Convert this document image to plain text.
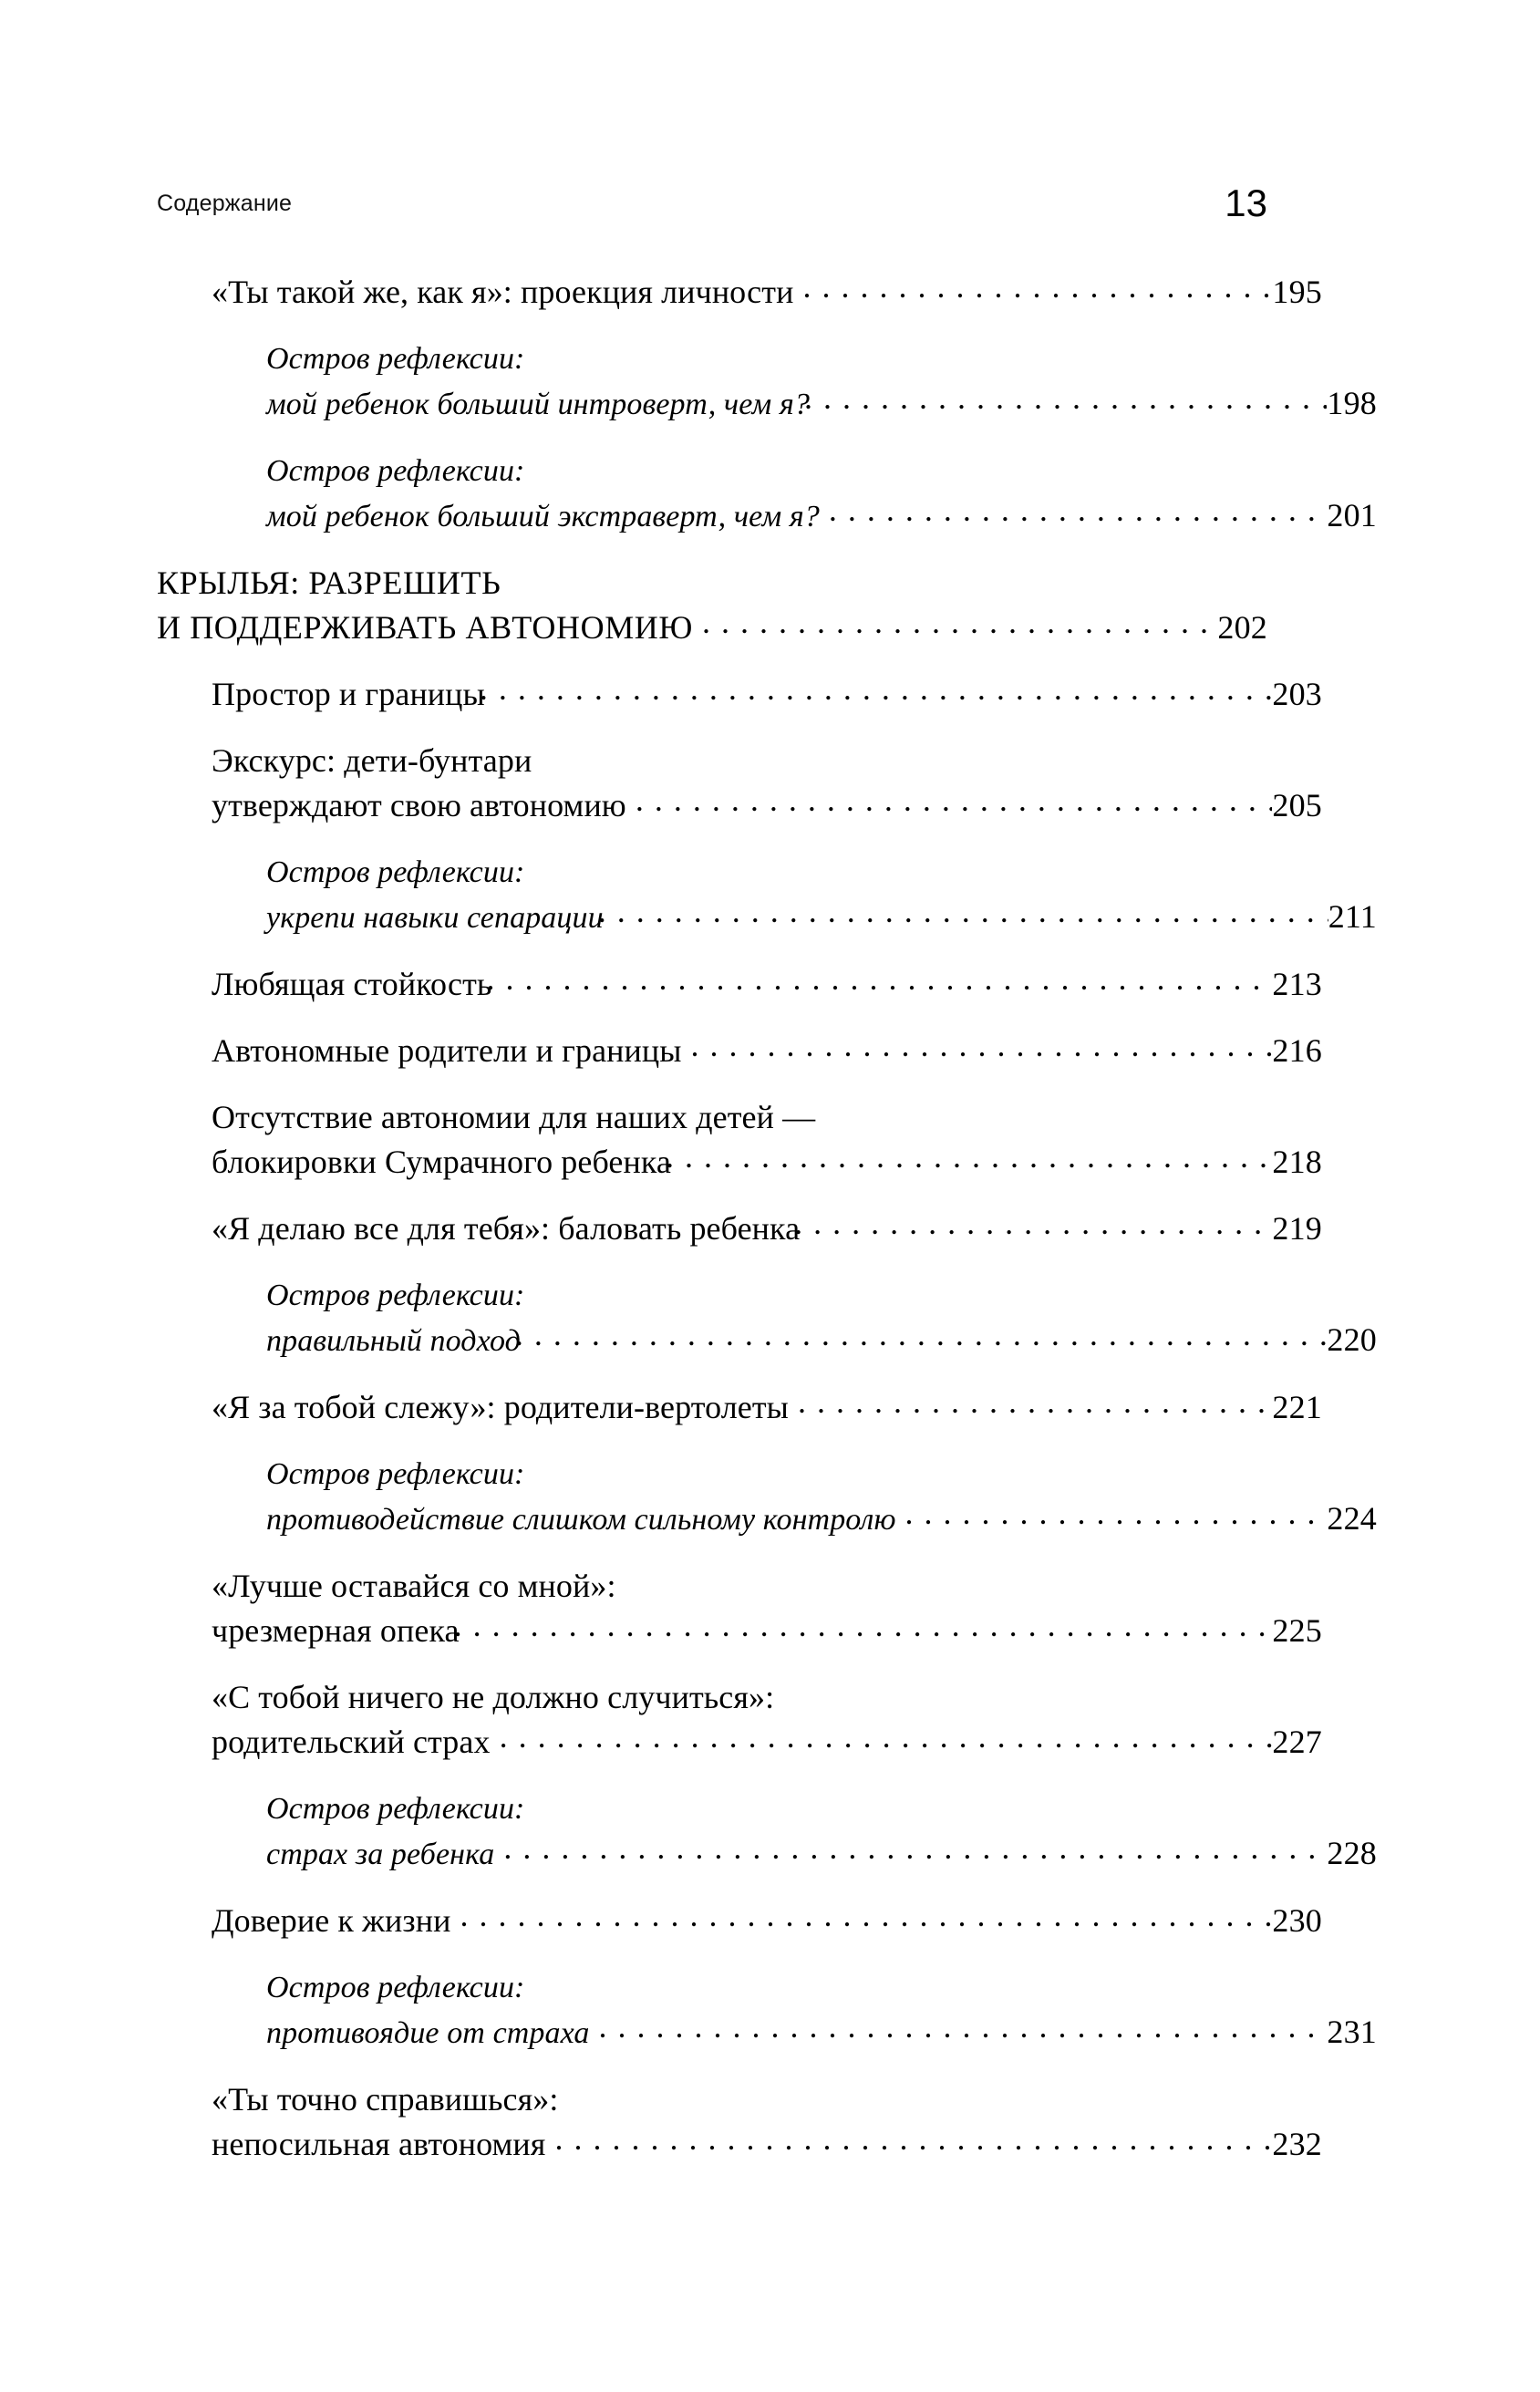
Содержание	13
«Ты такой же, как я»: проекция личности . . .	195
Остров рефлексии:
мой ребенок больший интроверт, чем я? . . .	198
Остров рефлексии:
мой ребенок больший экстраверт, чем я? . . .	201
КРЫЛЬЯ: РАЗРЕШИТЬ
И ПОДДЕРЖИВАТЬ АВТОНОМИЮ . . .	202
Простор и границы . . .	203
Экскурс: дети-бунтари
утверждают свою автономию . . .	205
Остров рефлексии:
укрепи навыки сепарации . . .	211
Любящая стойкость . . .	213
Автономные родители и границы . . .	216
Отсутствие автономии для наших детей —
блокировки Сумрачного ребенка . . .	218
«Я делаю все для тебя»: баловать ребенка . . .	219
Остров рефлексии:
правильный подход . . .	220
«Я за тобой слежу»: родители-вертолеты . . .	221
Остров рефлексии:
противодействие слишком сильному контролю . . .	224
«Лучше оставайся со мной»:
чрезмерная опека . . .	225
«С тобой ничего не должно случиться»:
родительский страх . . .	227
Остров рефлексии:
страх за ребенка . . .	228
Доверие к жизни . . .	230
Остров рефлексии:
противоядие от страха . . .	231
«Ты точно справишься»:
непосильная автономия . . .	232
